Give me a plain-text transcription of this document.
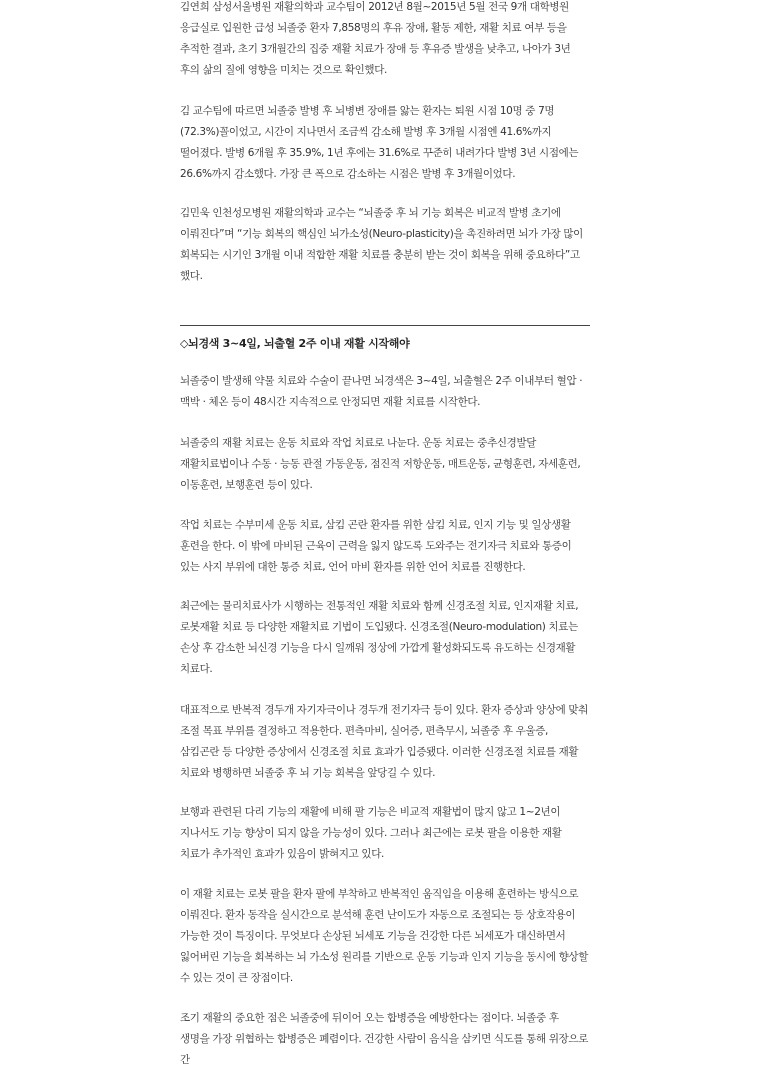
김연희 삼성서울병원 재활의학과 교수팀이 2012년 8월~2015년 5월 전국 9개 대학병원 응급실로 입원한 급성 뇌졸중 환자 7,858명의 후유 장애, 활동 제한, 재활 치료 여부 등을 추적한 결과, 초기 3개월간의 집중 재활 치료가 장애 등 후유증 발생을 낮추고, 나아가 3년 후의 삶의 질에 영향을 미치는 것으로 확인했다.

김 교수팀에 따르면 뇌졸중 발병 후 뇌병변 장애를 앓는 환자는 퇴원 시점 10명 중 7명(72.3%)꼴이었고, 시간이 지나면서 조금씩 감소해 발병 후 3개월 시점엔 41.6%까지 떨어졌다. 발병 6개월 후 35.9%, 1년 후에는 31.6%로 꾸준히 내려가다 발병 3년 시점에는 26.6%까지 감소했다. 가장 큰 폭으로 감소하는 시점은 발병 후 3개월이었다.

김민욱 인천성모병원 재활의학과 교수는 “뇌졸중 후 뇌 기능 회복은 비교적 발병 초기에 이뤄진다”며 “기능 회복의 핵심인 뇌가소성(Neuro-plasticity)을 촉진하려면 뇌가 가장 많이 회복되는 시기인 3개월 이내 적합한 재활 치료를 충분히 받는 것이 회복을 위해 중요하다”고 했다.

◇뇌경색 3~4일, 뇌출혈 2주 이내 재활 시작해야

뇌졸중이 발생해 약물 치료와 수술이 끝나면 뇌경색은 3~4일, 뇌출혈은 2주 이내부터 혈압 · 맥박 · 체온 등이 48시간 지속적으로 안정되면 재활 치료를 시작한다.

뇌졸중의 재활 치료는 운동 치료와 작업 치료로 나눈다. 운동 치료는 중추신경발달 재활치료법이나 수동 · 능동 관절 가동운동, 점진적 저항운동, 매트운동, 균형훈련, 자세훈련, 이동훈련, 보행훈련 등이 있다.

작업 치료는 수부미세 운동 치료, 삼킴 곤란 환자를 위한 삼킴 치료, 인지 기능 및 일상생활 훈련을 한다. 이 밖에 마비된 근육이 근력을 잃지 않도록 도와주는 전기자극 치료와 통증이 있는 사지 부위에 대한 통증 치료, 언어 마비 환자를 위한 언어 치료를 진행한다.

최근에는 물리치료사가 시행하는 전통적인 재활 치료와 함께 신경조절 치료, 인지재활 치료, 로봇재활 치료 등 다양한 재활치료 기법이 도입됐다. 신경조절(Neuro-modulation) 치료는 손상 후 감소한 뇌신경 기능을 다시 일깨워 정상에 가깝게 활성화되도록 유도하는 신경재활 치료다.

대표적으로 반복적 경두개 자기자극이나 경두개 전기자극 등이 있다. 환자 증상과 양상에 맞춰 조절 목표 부위를 결정하고 적용한다. 편측마비, 실어증, 편측무시, 뇌졸중 후 우울증, 삼킴곤란 등 다양한 증상에서 신경조절 치료 효과가 입증됐다. 이러한 신경조절 치료를 재활 치료와 병행하면 뇌졸중 후 뇌 기능 회복을 앞당길 수 있다.

보행과 관련된 다리 기능의 재활에 비해 팔 기능은 비교적 재활법이 많지 않고 1~2년이 지나서도 기능 향상이 되지 않을 가능성이 있다. 그러나 최근에는 로봇 팔을 이용한 재활 치료가 추가적인 효과가 있음이 밝혀지고 있다.

이 재활 치료는 로봇 팔을 환자 팔에 부착하고 반복적인 움직임을 이용해 훈련하는 방식으로 이뤄진다. 환자 동작을 실시간으로 분석해 훈련 난이도가 자동으로 조절되는 등 상호작용이 가능한 것이 특징이다. 무엇보다 손상된 뇌세포 기능을 건강한 다른 뇌세포가 대신하면서 잃어버린 기능을 회복하는 뇌 가소성 원리를 기반으로 운동 기능과 인지 기능을 동시에 향상할 수 있는 것이 큰 장점이다.

조기 재활의 중요한 점은 뇌졸중에 뒤이어 오는 합병증을 예방한다는 점이다. 뇌졸중 후 생명을 가장 위협하는 합병증은 폐렴이다. 건강한 사람이 음식을 삼키면 식도를 통해 위장으로 간
